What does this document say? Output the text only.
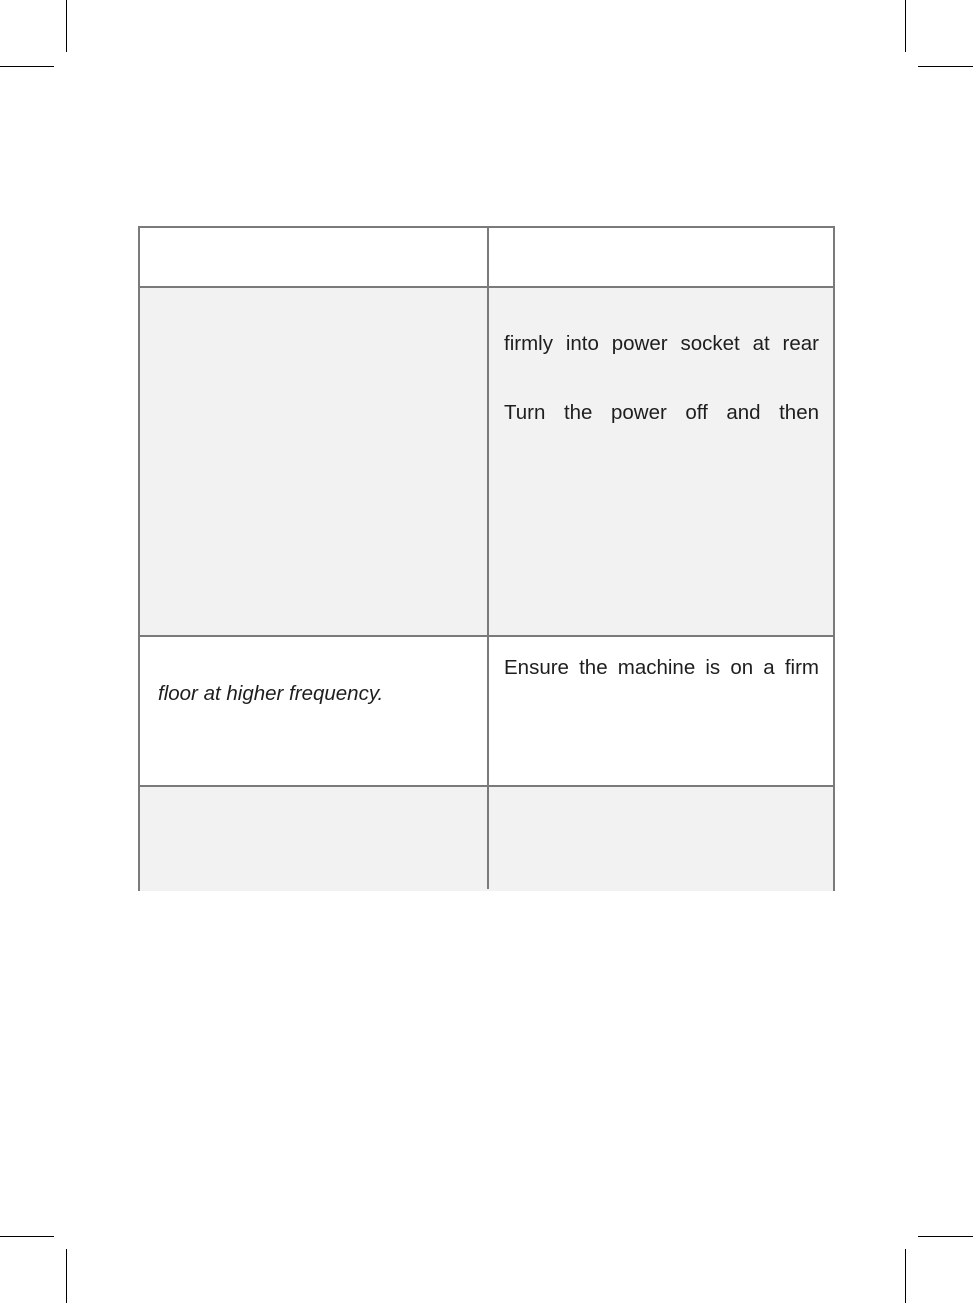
firmly into power socket at rear
Turn the power off and then
floor at higher frequency.
Ensure the machine is on a firm
